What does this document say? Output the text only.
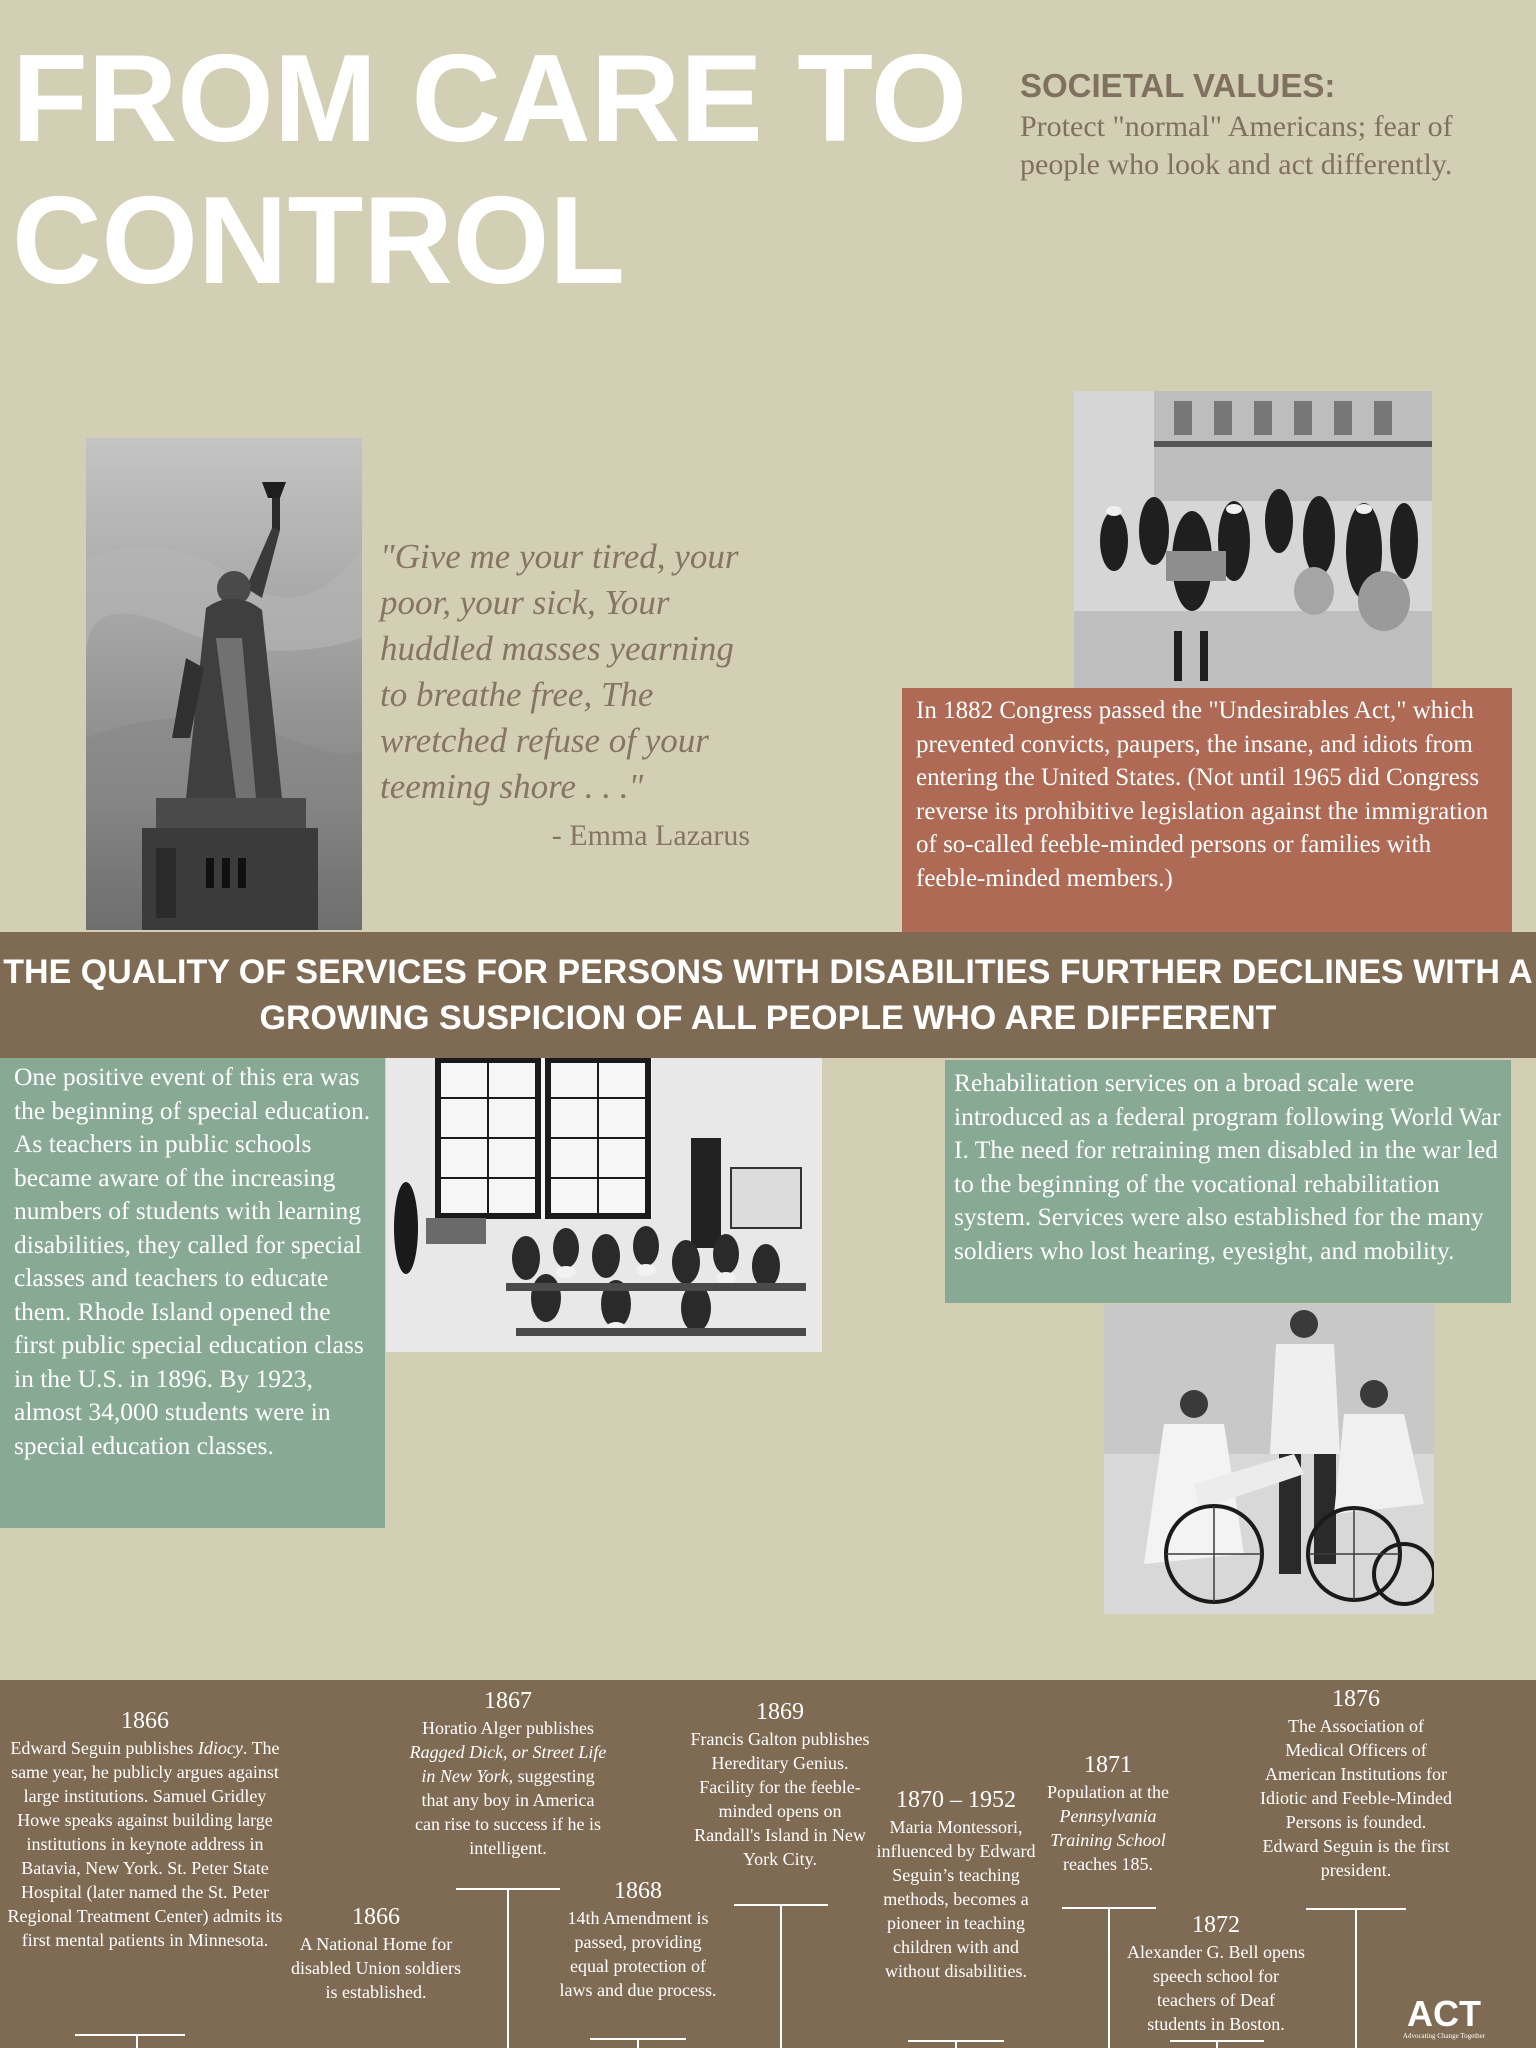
FROM CARE TO CONTROL
SOCIETAL VALUES:
Protect "normal" Americans; fear of people who look and act differently.
"Give me your tired, your poor, your sick, Your huddled masses yearning to breathe free, The wretched refuse of your teeming shore . . ."
- Emma Lazarus
In 1882 Congress passed the "Undesirables Act," which prevented convicts, paupers, the insane, and idiots from entering the United States. (Not until 1965 did Congress reverse its prohibitive legislation against the immigration of so-called feeble-minded persons or families with feeble-minded members.)

THE QUALITY OF SERVICES FOR PERSONS WITH DISABILITIES FURTHER DECLINES WITH A GROWING SUSPICION OF ALL PEOPLE WHO ARE DIFFERENT

One positive event of this era was the beginning of special education. As teachers in public schools became aware of the increasing numbers of students with learning disabilities, they called for special classes and teachers to educate them. Rhode Island opened the first public special education class in the U.S. in 1896. By 1923, almost 34,000 students were in special education classes.
Rehabilitation services on a broad scale were introduced as a federal program following World War I. The need for retraining men disabled in the war led to the beginning of the vocational rehabilitation system. Services were also established for the many soldiers who lost hearing, eyesight, and mobility.
1866
Edward Seguin publishes Idiocy. The same year, he publicly argues against large institutions. Samuel Gridley Howe speaks against building large institutions in keynote address in Batavia, New York. St. Peter State Hospital (later named the St. Peter Regional Treatment Center) admits its first mental patients in Minnesota.
1866
A National Home for disabled Union soldiers is established.
1867
Horatio Alger publishes Ragged Dick, or Street Life in New York, suggesting that any boy in America can rise to success if he is intelligent.
1868
14th Amendment is passed, providing equal protection of laws and due process.
1869
Francis Galton publishes Hereditary Genius. Facility for the feeble-minded opens on Randall's Island in New York City.
1870 – 1952
Maria Montessori, influenced by Edward Seguin’s teaching methods, becomes a pioneer in teaching children with and without disabilities.
1871
Population at the Pennsylvania Training School reaches 185.
1872
Alexander G. Bell opens speech school for teachers of Deaf students in Boston.
1876
The Association of Medical Officers of American Institutions for Idiotic and Feeble-Minded Persons is founded. Edward Seguin is the first president.
ACT
Advocating Change Together
